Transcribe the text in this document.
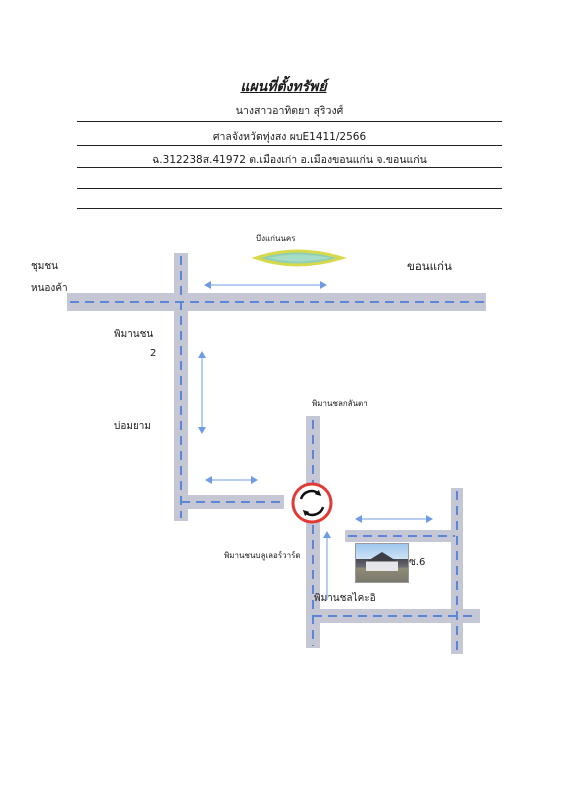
แผนที่ตั้งทรัพย์
นางสาวอาทิตยา สุริวงศ์
ศาลจังหวัดทุ่งสง ผบE1411/2566
ฉ.312238ส.41972 ต.เมืองเก่า อ.เมืองขอนแก่น จ.ขอนแก่น
บึงแก่นนคร
ชุมชน
หนองค้า
ขอนแก่น
พิมานชน
2
บ่อมยาม
พิมานชลกลันตา
พิมานชนบลูเลอร์วาร์ด
ซ.6
พิมานชลไคะอิ
